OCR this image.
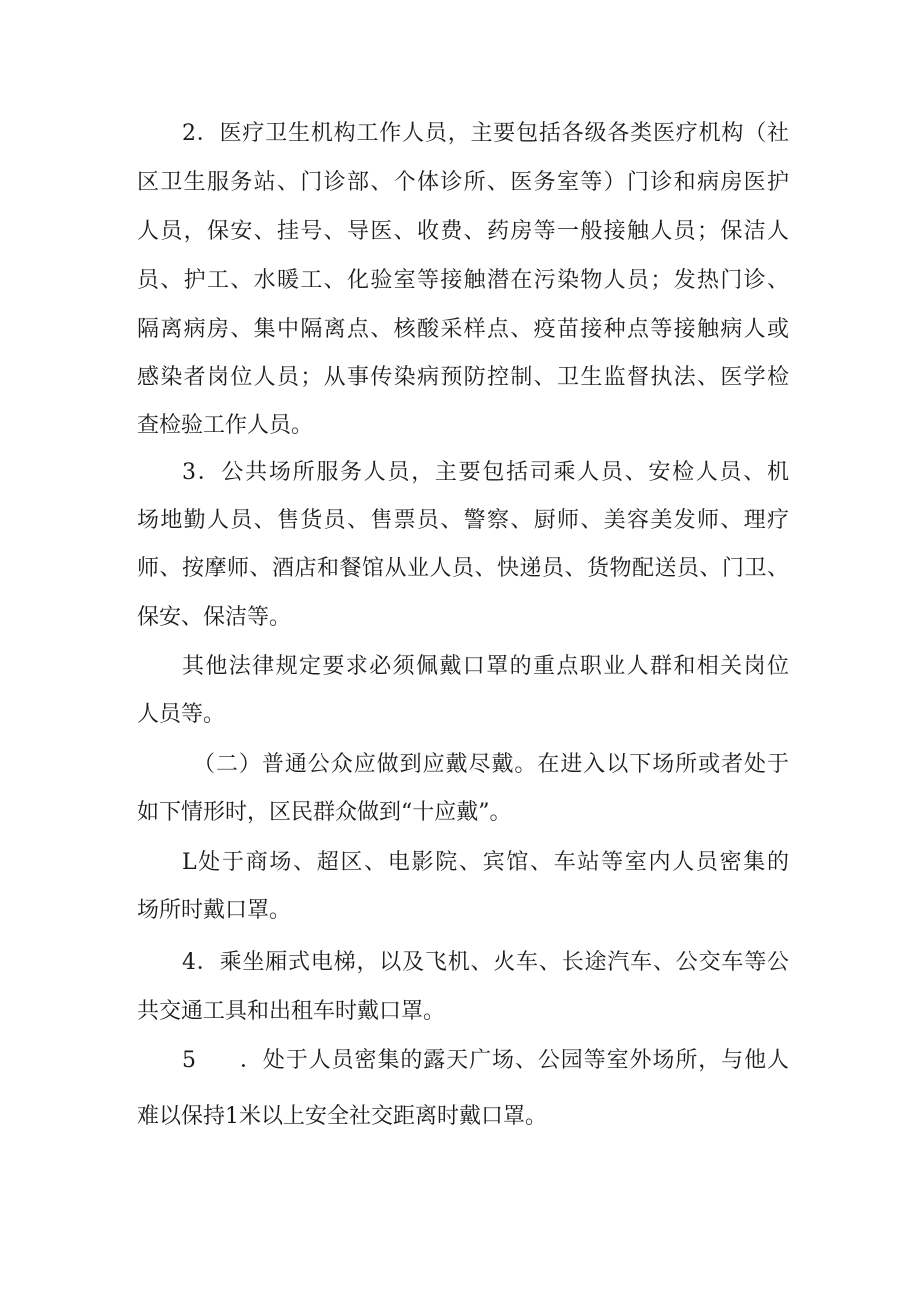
2．医疗卫生机构工作人员，主要包括各级各类医疗机构（社
区卫生服务站、门诊部、个体诊所、医务室等）门诊和病房医护
人员，保安、挂号、导医、收费、药房等一般接触人员；保洁人
员、护工、水暖工、化验室等接触潜在污染物人员；发热门诊、
隔离病房、集中隔离点、核酸采样点、疫苗接种点等接触病人或
感染者岗位人员；从事传染病预防控制、卫生监督执法、医学检
查检验工作人员。
3．公共场所服务人员，主要包括司乘人员、安检人员、机
场地勤人员、售货员、售票员、警察、厨师、美容美发师、理疗
师、按摩师、酒店和餐馆从业人员、快递员、货物配送员、门卫、
保安、保洁等。
其他法律规定要求必须佩戴口罩的重点职业人群和相关岗位
人员等。
（二）普通公众应做到应戴尽戴。在进入以下场所或者处于
如下情形时，区民群众做到“十应戴”。
L处于商场、超区、电影院、宾馆、车站等室内人员密集的
场所时戴口罩。
4．乘坐厢式电梯，以及飞机、火车、长途汽车、公交车等公
共交通工具和出租车时戴口罩。
5	．处于人员密集的露天广场、公园等室外场所，与他人
难以保持1米以上安全社交距离时戴口罩。
